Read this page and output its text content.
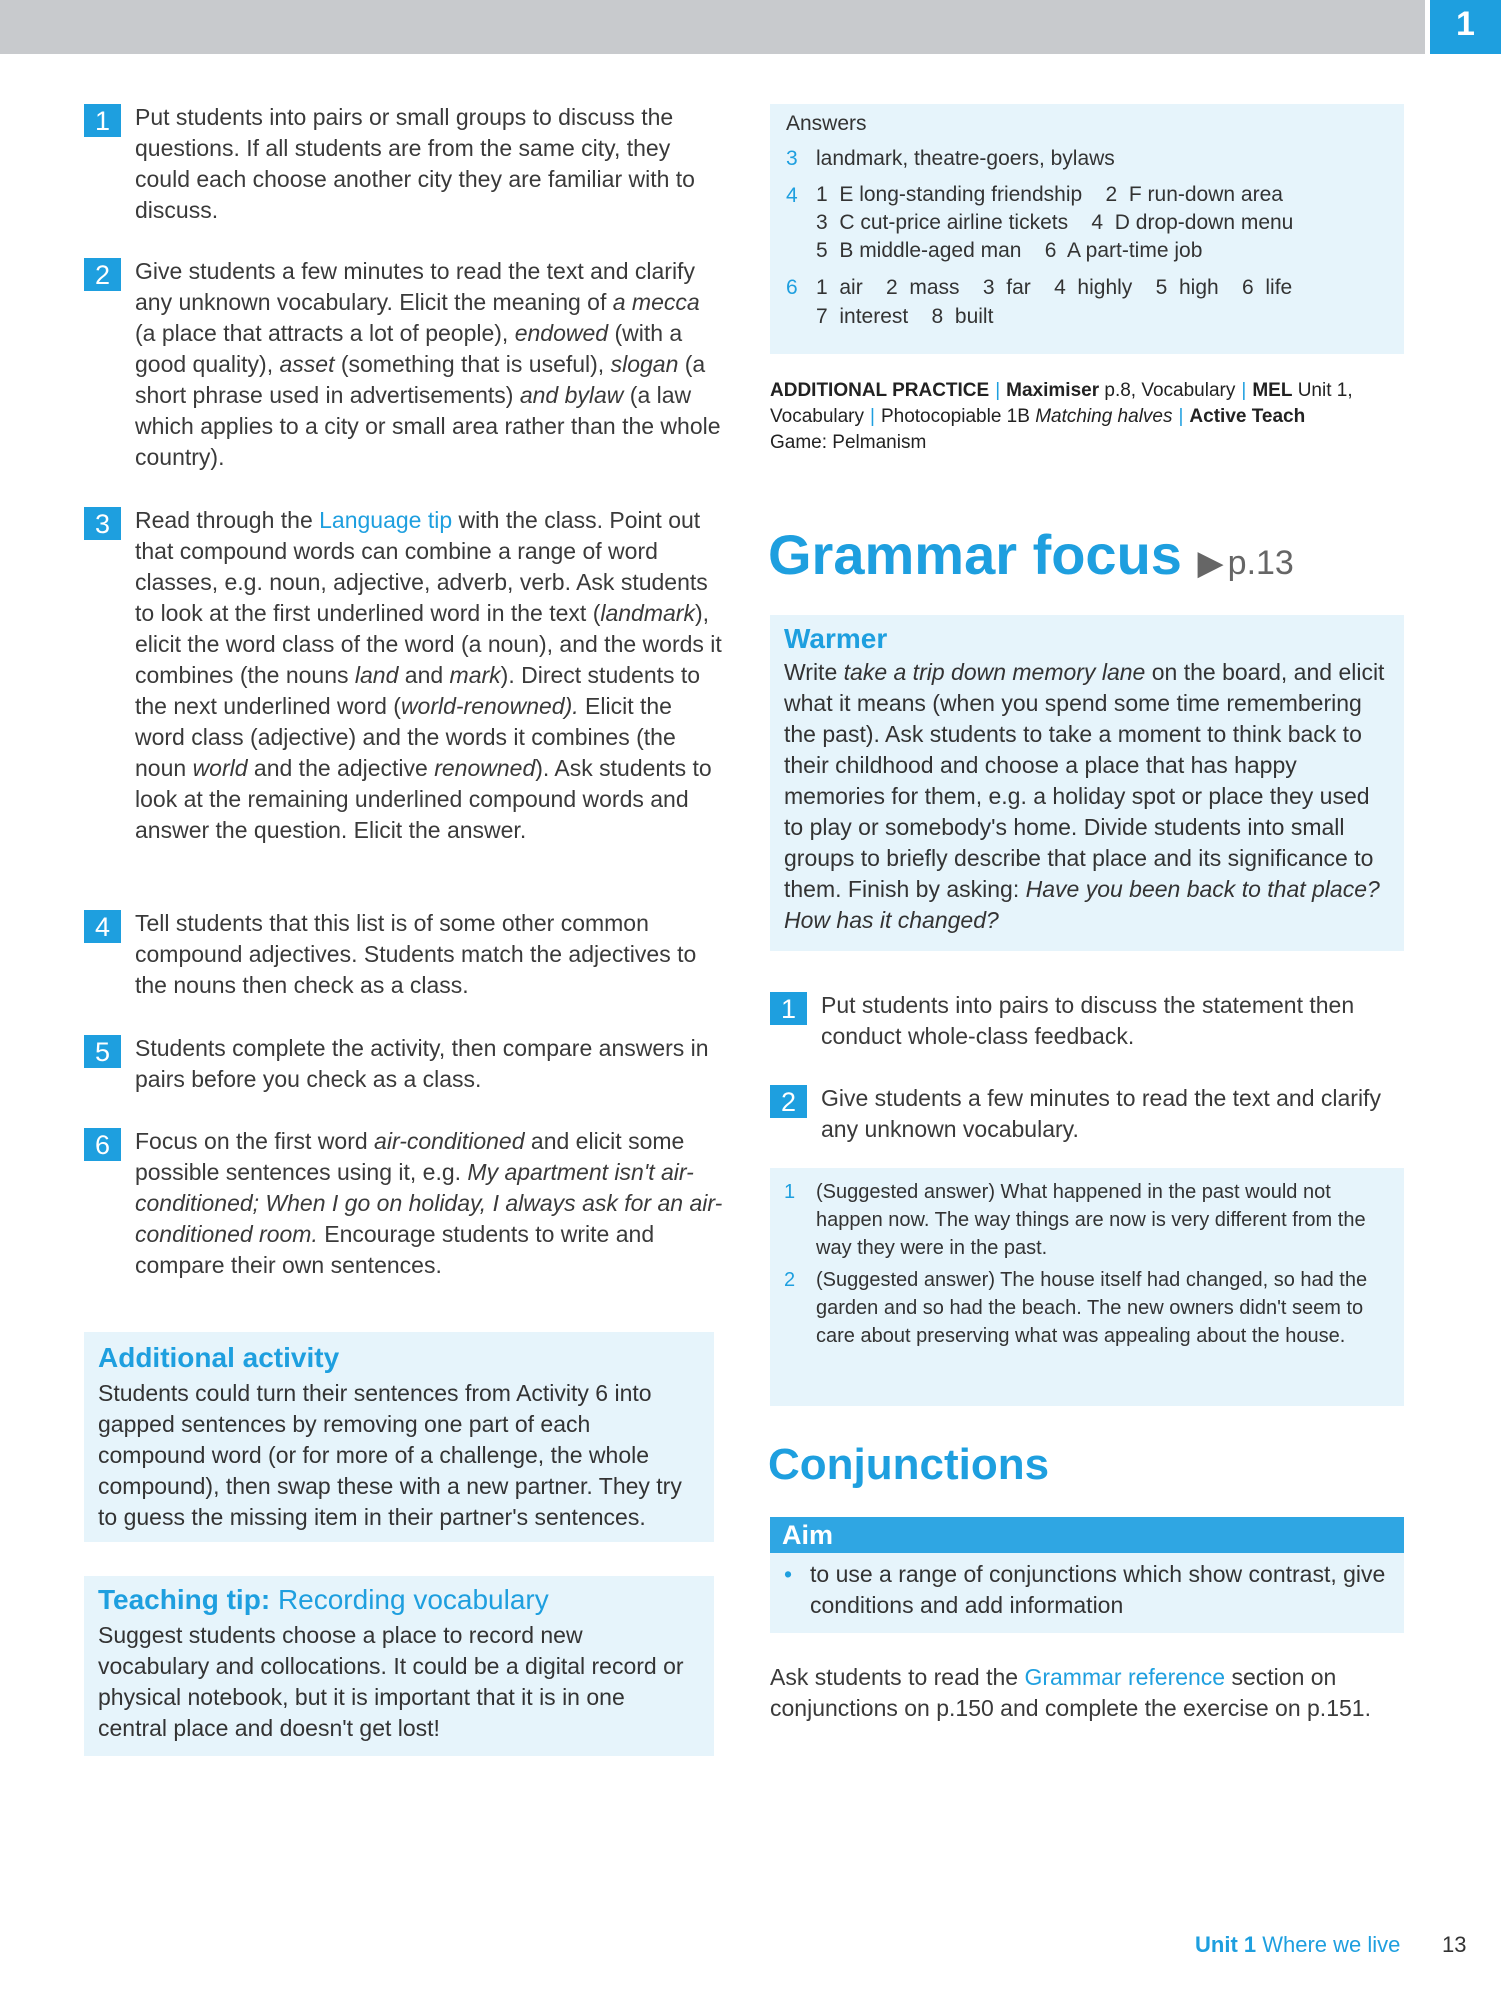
1
1	Put students into pairs or small groups to discuss the questions. If all students are from the same city, they could each choose another city they are familiar with to discuss.
2	Give students a few minutes to read the text and clarify any unknown vocabulary. Elicit the meaning of a mecca (a place that attracts a lot of people), endowed (with a good quality), asset (something that is useful), slogan (a short phrase used in advertisements) and bylaw (a law which applies to a city or small area rather than the whole country).
3	Read through the Language tip with the class. Point out that compound words can combine a range of word classes, e.g. noun, adjective, adverb, verb. Ask students to look at the first underlined word in the text (landmark), elicit the word class of the word (a noun), and the words it combines (the nouns land and mark). Direct students to the next underlined word (world-renowned). Elicit the word class (adjective) and the words it combines (the noun world and the adjective renowned). Ask students to look at the remaining underlined compound words and answer the question. Elicit the answer.
4	Tell students that this list is of some other common compound adjectives. Students match the adjectives to the nouns then check as a class.
5	Students complete the activity, then compare answers in pairs before you check as a class.
6	Focus on the first word air-conditioned and elicit some possible sentences using it, e.g. My apartment isn't air-conditioned; When I go on holiday, I always ask for an air-conditioned room. Encourage students to write and compare their own sentences.
Additional activity
Students could turn their sentences from Activity 6 into gapped sentences by removing one part of each compound word (or for more of a challenge, the whole compound), then swap these with a new partner. They try to guess the missing item in their partner's sentences.
Teaching tip: Recording vocabulary
Suggest students choose a place to record new vocabulary and collocations. It could be a digital record or physical notebook, but it is important that it is in one central place and doesn't get lost!
Answers
3 landmark, theatre-goers, bylaws
4 1  E long-standing friendship    2  F run-down area
3  C cut-price airline tickets    4  D drop-down menu
5  B middle-aged man    6  A part-time job
6 1  air    2  mass    3  far    4  highly    5  high    6  life
7  interest    8  built
ADDITIONAL PRACTICE | Maximiser p.8, Vocabulary | MEL Unit 1, Vocabulary | Photocopiable 1B Matching halves | Active Teach
Game: Pelmanism
Grammar focus ▶ p.13
Warmer
Write take a trip down memory lane on the board, and elicit what it means (when you spend some time remembering the past). Ask students to take a moment to think back to their childhood and choose a place that has happy memories for them, e.g. a holiday spot or place they used to play or somebody's home. Divide students into small groups to briefly describe that place and its significance to them. Finish by asking: Have you been back to that place? How has it changed?
1	Put students into pairs to discuss the statement then conduct whole-class feedback.
2	Give students a few minutes to read the text and clarify any unknown vocabulary.
1	(Suggested answer) What happened in the past would not happen now. The way things are now is very different from the way they were in the past.
2	(Suggested answer) The house itself had changed, so had the garden and so had the beach. The new owners didn't seem to care about preserving what was appealing about the house.
Conjunctions
Aim
• to use a range of conjunctions which show contrast, give conditions and add information
Ask students to read the Grammar reference section on conjunctions on p.150 and complete the exercise on p.151.
Unit 1 Where we live 13
